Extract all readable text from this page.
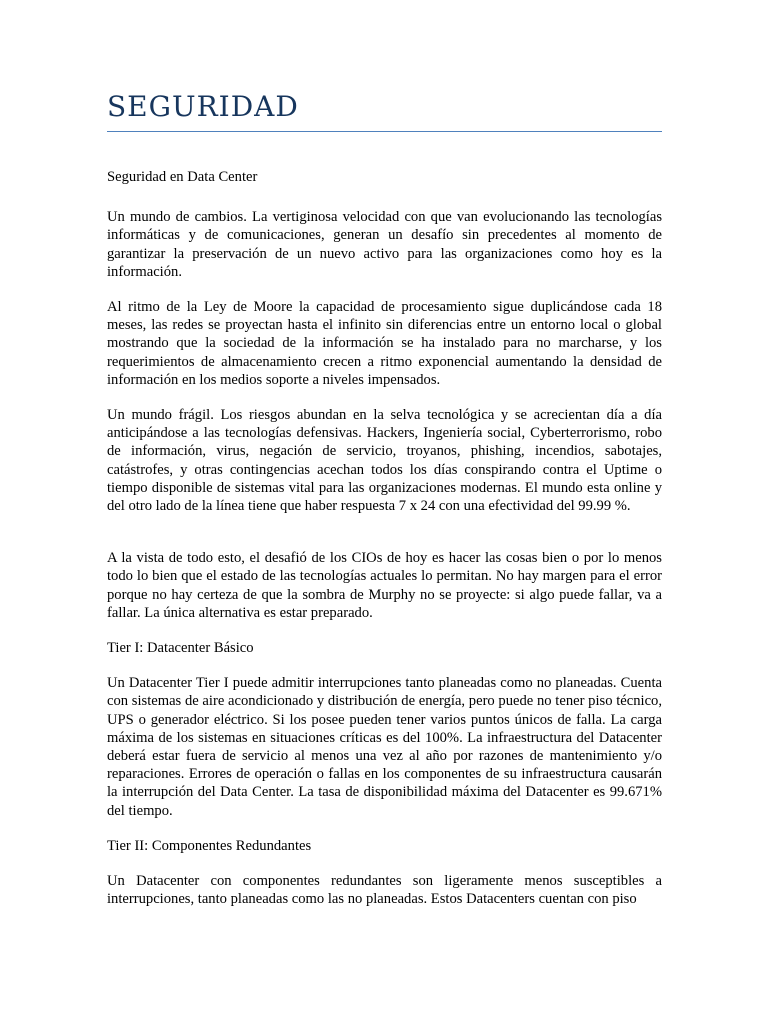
SEGURIDAD

Seguridad en Data Center

Un mundo de cambios. La vertiginosa velocidad con que van evolucionando las tecnologías informáticas y de comunicaciones, generan un desafío sin precedentes al momento de garantizar la preservación de un nuevo activo para las organizaciones como hoy es la información.

Al ritmo de la Ley de Moore la capacidad de procesamiento sigue duplicándose cada 18 meses, las redes se proyectan hasta el infinito sin diferencias entre un entorno local o global mostrando que la sociedad de la información se ha instalado para no marcharse, y los requerimientos de almacenamiento crecen a ritmo exponencial aumentando la densidad de información en los medios soporte a niveles impensados.

Un mundo frágil. Los riesgos abundan en la selva tecnológica y se acrecientan día a día anticipándose a las tecnologías defensivas. Hackers, Ingeniería social, Cyberterrorismo, robo de información, virus, negación de servicio, troyanos, phishing, incendios, sabotajes, catástrofes, y otras contingencias acechan todos los días conspirando contra el Uptime o tiempo disponible de sistemas vital para las organizaciones modernas. El mundo esta online y del otro lado de la línea tiene que haber respuesta 7 x 24 con una efectividad del 99.99 %.

A la vista de todo esto, el desafió de los CIOs de hoy es hacer las cosas bien o por lo menos todo lo bien que el estado de las tecnologías actuales lo permitan. No hay margen para el error porque no hay certeza de que la sombra de Murphy no se proyecte: si algo puede fallar, va a fallar. La única alternativa es estar preparado.

Tier I: Datacenter Básico

Un Datacenter Tier I puede admitir interrupciones tanto planeadas como no planeadas. Cuenta con sistemas de aire acondicionado y distribución de energía, pero puede no tener piso técnico, UPS o generador eléctrico. Si los posee pueden tener varios puntos únicos de falla. La carga máxima de los sistemas en situaciones críticas es del 100%. La infraestructura del Datacenter deberá estar fuera de servicio al menos una vez al año por razones de mantenimiento y/o reparaciones. Errores de operación o fallas en los componentes de su infraestructura causarán la interrupción del Data Center. La tasa de disponibilidad máxima del Datacenter es 99.671% del tiempo.

Tier II: Componentes Redundantes

Un Datacenter con componentes redundantes son ligeramente menos susceptibles a interrupciones, tanto planeadas como las no planeadas. Estos Datacenters cuentan con piso
